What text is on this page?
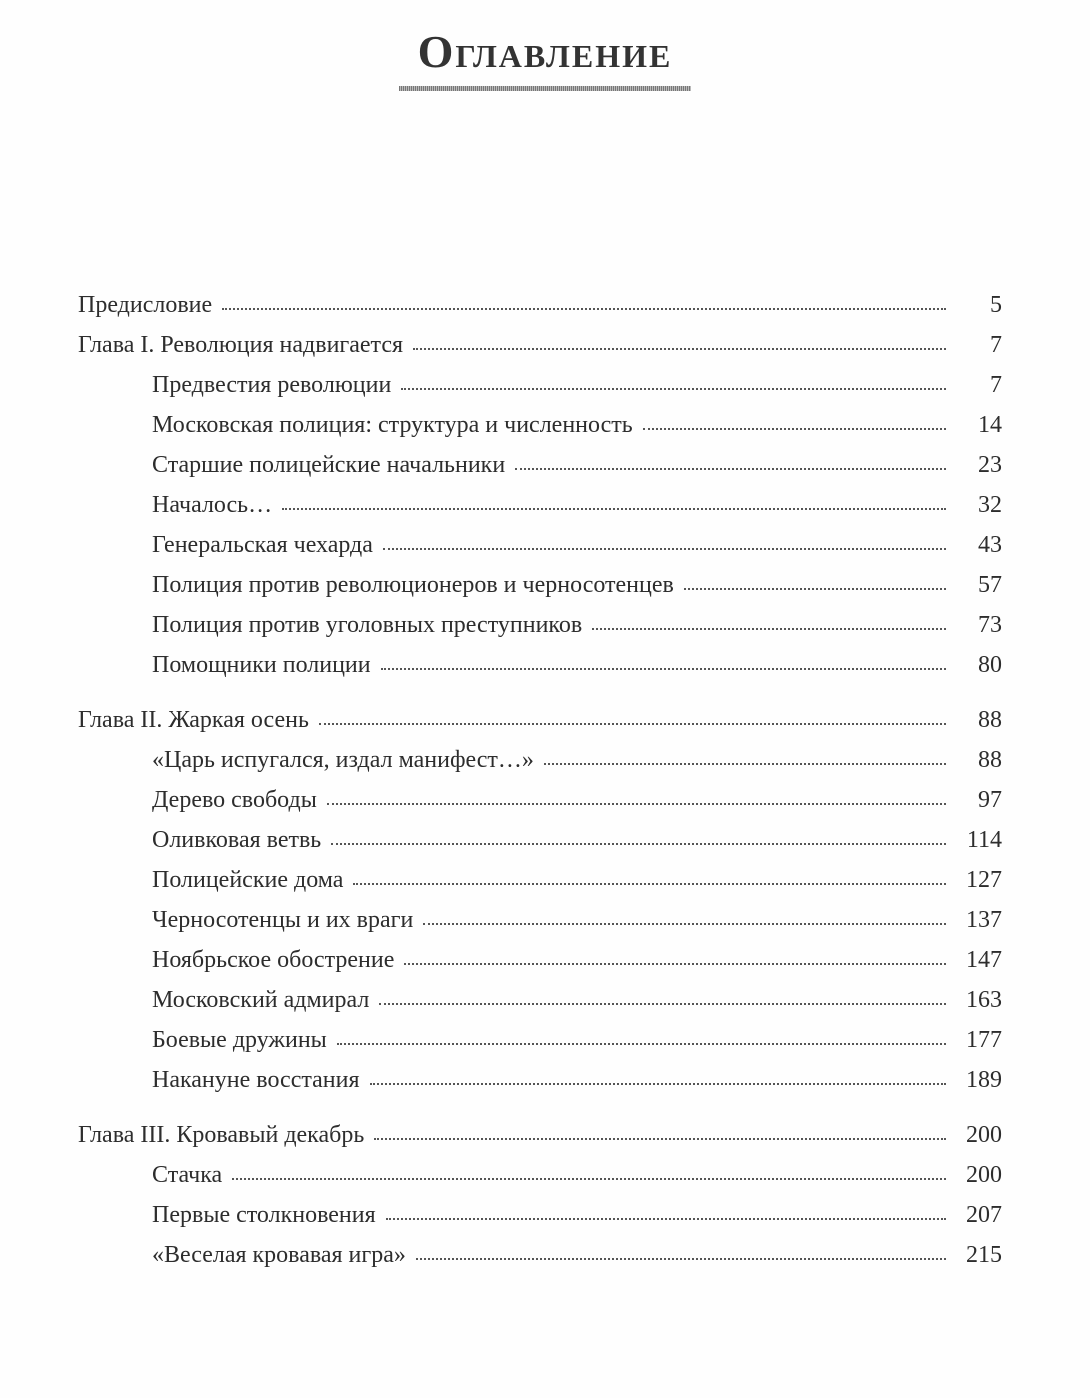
Оглавление
Предисловие	5
Глава I. Революция надвигается	7
Предвестия революции	7
Московская полиция: структура и численность	14
Старшие полицейские начальники	23
Началось…	32
Генеральская чехарда	43
Полиция против революционеров и черносотенцев	57
Полиция против уголовных преступников	73
Помощники полиции	80
Глава II. Жаркая осень	88
«Царь испугался, издал манифест…»	88
Дерево свободы	97
Оливковая ветвь	114
Полицейские дома	127
Черносотенцы и их враги	137
Ноябрьское обострение	147
Московский адмирал	163
Боевые дружины	177
Накануне восстания	189
Глава III. Кровавый декабрь	200
Стачка	200
Первые столкновения	207
«Веселая кровавая игра»	215
